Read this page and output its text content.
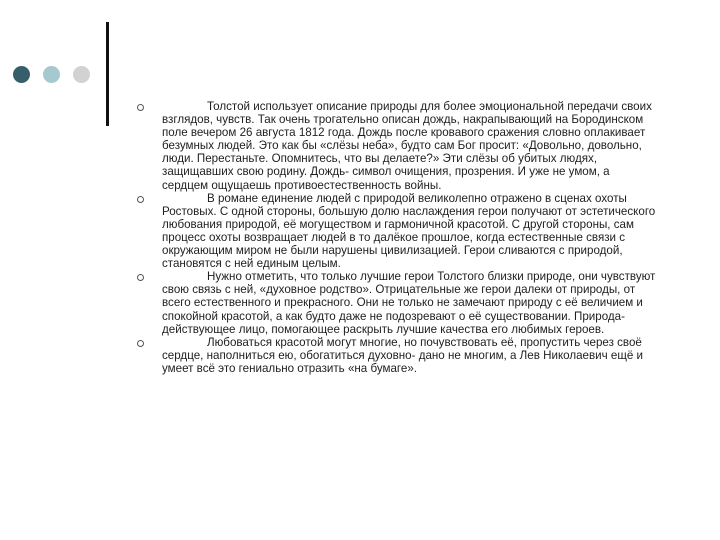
Толстой использует описание природы для более эмоциональной передачи своих взглядов, чувств. Так очень трогательно описан дождь, накрапывающий на Бородинском поле вечером 26 августа 1812 года. Дождь после кровавого сражения словно оплакивает безумных людей. Это как бы «слёзы неба», будто сам Бог просит: «Довольно, довольно, люди. Перестаньте. Опомнитесь, что вы делаете?» Эти слёзы об убитых людях, защищавших свою родину. Дождь- символ очищения, прозрения. И уже не умом, а сердцем ощущаешь противоестественность войны.

В романе единение людей с природой великолепно отражено в сценах охоты Ростовых. С одной стороны, большую долю наслаждения герои получают от эстетического любования природой, её могуществом и гармоничной красотой. С другой стороны, сам процесс охоты возвращает людей в то далёкое прошлое, когда естественные связи с окружающим миром не были нарушены цивилизацией. Герои сливаются с природой, становятся с ней единым целым.

Нужно отметить, что только лучшие герои Толстого близки природе, они чувствуют свою связь с ней, «духовное родство». Отрицательные же герои далеки от природы, от всего естественного и прекрасного. Они не только не замечают природу с её величием и спокойной красотой, а как будто даже не подозревают о её существовании. Природа- действующее лицо, помогающее раскрыть лучшие качества его любимых героев.

Любоваться красотой могут многие, но почувствовать её, пропустить через своё сердце, наполниться ею, обогатиться духовно- дано не многим, а Лев Николаевич ещё и умеет всё это гениально отразить «на бумаге».
